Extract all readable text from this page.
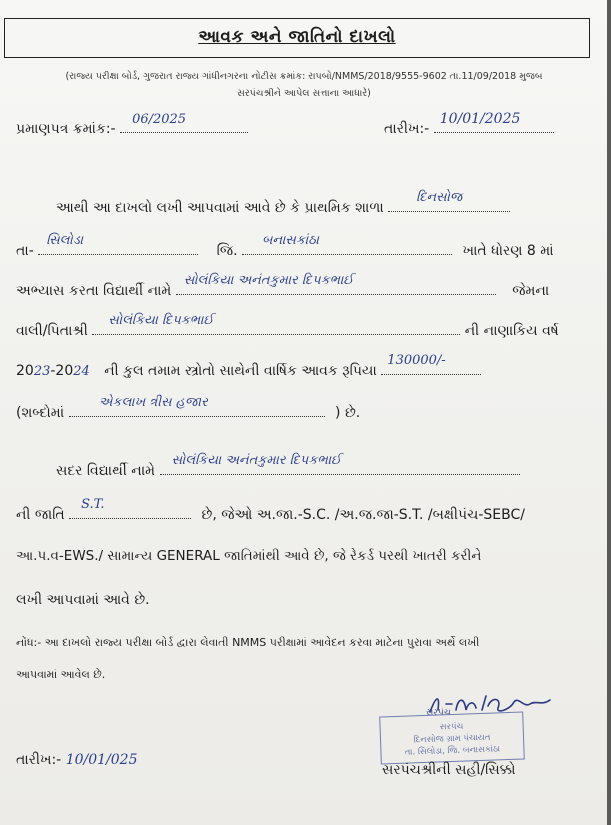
આવક અને જાતિનો દાખલો
(રાજ્ય પરીક્ષા બોર્ડ, ગુજરાત રાજ્ય ગાંધીનગરના નોટીસ ક્રમાંક: રાપબો/NMMS/2018/9555-9602 તા.11/09/2018 મુજબ
સરપંચશ્રીને આપેલ સત્તાના આધારે)
પ્રમાણપત્ર ક્રમાંક:-
06/2025
તારીખ:-
10/01/2025
આથી આ દાખલો લખી આપવામાં આવે છે કે પ્રાથમિક શાળા
દિનસોજ
તા-
સિલોડા
જિ.
બનાસકાંઠા
ખાતે ધોરણ 8 માં
અભ્યાસ કરતા વિદ્યાર્થી નામે
સોલંકિયા અનંતકુમાર દિપકભાઈ
જેમના
વાલી/પિતાશ્રી
સોલંકિયા દિપકભાઈ
ની નાણાકિય વર્ષ
2023-2024 ની કુલ તમામ સ્ત્રોતો સાથેની વાર્ષિક આવક રૂપિયા
130000/-
(શબ્દોમાં
એકલાખ ત્રીસ હજાર
) છે.
સદર વિદ્યાર્થી નામે
સોલંકિયા અનંતકુમાર દિપકભાઈ
ની જાતિ
S.T.
છે, જેઓ અ.જા.-S.C. /અ.જ.જા-S.T. /બક્ષીપંચ-SEBC/
આ.પ.વ-EWS./ સામાન્ય GENERAL જાતિમાંથી આવે છે, જે રેકર્ડ પરથી ખાતરી કરીને
લખી આપવામાં આવે છે.
નોંધ:- આ દાખલો રાજ્ય પરીક્ષા બોર્ડ દ્વારા લેવાતી NMMS પરીક્ષામાં આવેદન કરવા માટેના પુરાવા અર્થે લખી
આપવામાં આવેલ છે.
સરપંચ
સરપંચ
દિનસોજ ગ્રામ પંચાયત
તા. સિલોડા, જિ. બનાસકાંઠા
સરપંચશ્રીની સહી/સિક્કો
તારીખ:- 10/01/025
